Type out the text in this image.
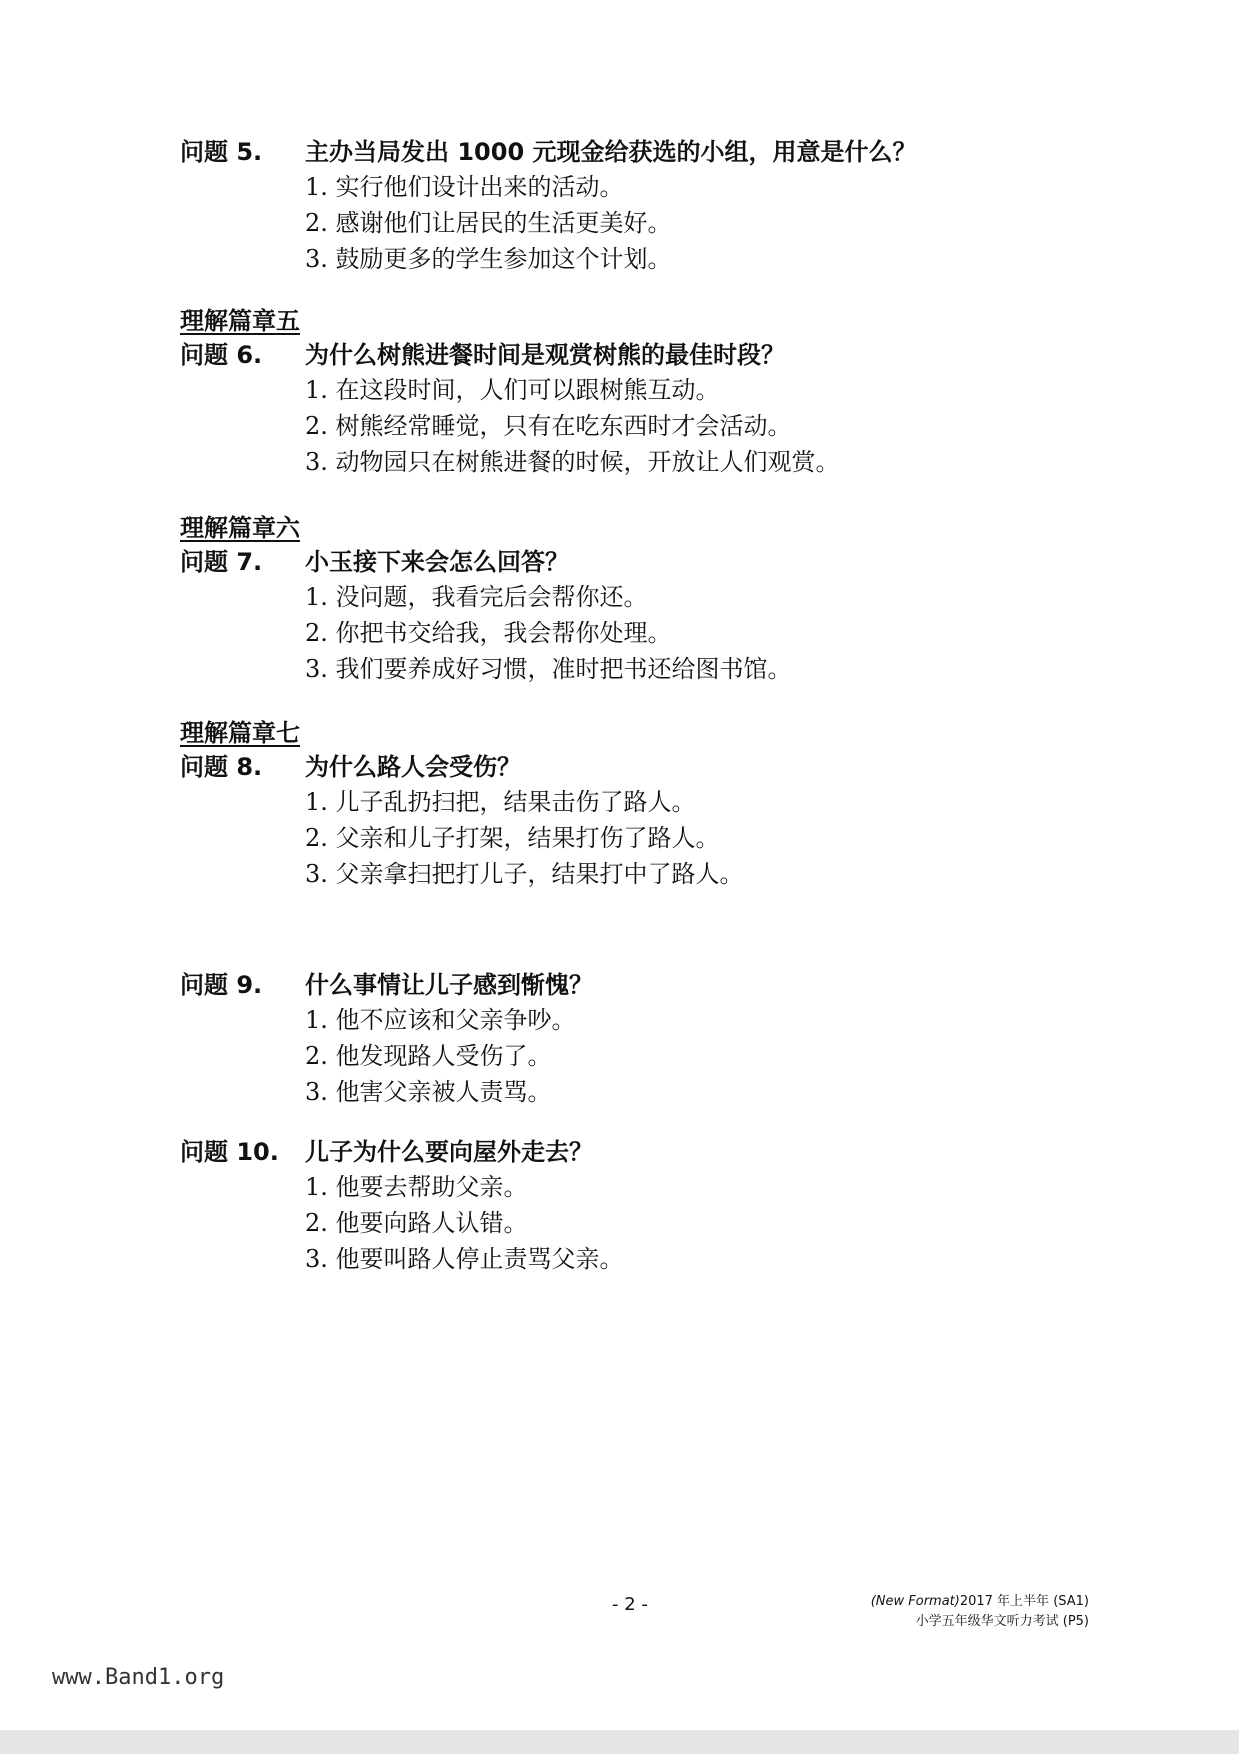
问题 5.	主办当局发出 1000 元现金给获选的小组，用意是什么？
1. 实行他们设计出来的活动。
2. 感谢他们让居民的生活更美好。
3. 鼓励更多的学生参加这个计划。
理解篇章五
问题 6.	为什么树熊进餐时间是观赏树熊的最佳时段？
1. 在这段时间，人们可以跟树熊互动。
2. 树熊经常睡觉，只有在吃东西时才会活动。
3. 动物园只在树熊进餐的时候，开放让人们观赏。
理解篇章六
问题 7.	小玉接下来会怎么回答？
1. 没问题，我看完后会帮你还。
2. 你把书交给我，我会帮你处理。
3. 我们要养成好习惯，准时把书还给图书馆。
理解篇章七
问题 8.	为什么路人会受伤？
1. 儿子乱扔扫把，结果击伤了路人。
2. 父亲和儿子打架，结果打伤了路人。
3. 父亲拿扫把打儿子，结果打中了路人。
问题 9.	什么事情让儿子感到惭愧？
1. 他不应该和父亲争吵。
2. 他发现路人受伤了。
3. 他害父亲被人责骂。
问题 10.	儿子为什么要向屋外走去？
1. 他要去帮助父亲。
2. 他要向路人认错。
3. 他要叫路人停止责骂父亲。
- 2 -	(New Format)2017 年上半年 (SA1)
小学五年级华文听力考试 (P5)
www.Band1.org
